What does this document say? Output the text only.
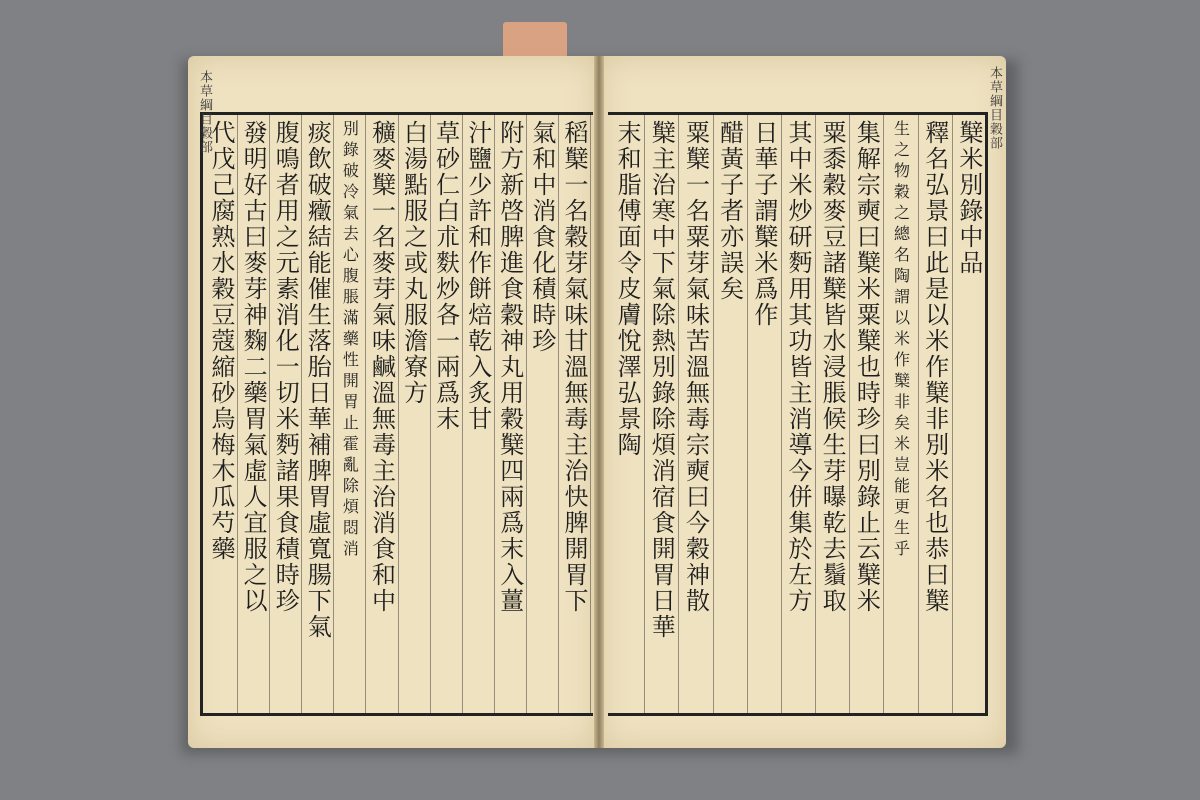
本草綱目穀部	本草綱目穀部
稻櫱一名穀芽氣味甘溫無毒主治快脾開胃下
氣和中消食化積時珍
附方新啓脾進食穀神丸用穀櫱四兩爲末入薑
汁鹽少許和作餅焙乾入炙甘
草砂仁白朮麩炒各一兩爲末
白湯點服之或丸服澹寮方
穬麥櫱一名麥芽氣味鹹溫無毒主治消食和中
別錄破冷氣去心腹脹滿藥性開胃止霍亂除煩悶消
痰飲破癥結能催生落胎日華補脾胃虛寬腸下氣
腹鳴者用之元素消化一切米麪諸果食積時珍
發明好古曰麥芽神麴二藥胃氣虛人宜服之以
代戊己腐熟水穀豆蔻縮砂烏梅木瓜芍藥	櫱米別錄中品
釋名弘景曰此是以米作櫱非別米名也恭曰櫱
生之物穀之總名陶謂以米作櫱非矣米豈能更生乎
集解宗奭曰櫱米粟櫱也時珍曰別錄止云櫱米
粟黍穀麥豆諸櫱皆水浸脹候生芽曝乾去鬚取
其中米炒研麪用其功皆主消導今併集於左方
日華子謂櫱米爲作
醋黃子者亦誤矣
粟櫱一名粟芽氣味苦溫無毒宗奭曰今穀神散
櫱主治寒中下氣除熱別錄除煩消宿食開胃日華
末和脂傅面令皮膚悅澤弘景陶
